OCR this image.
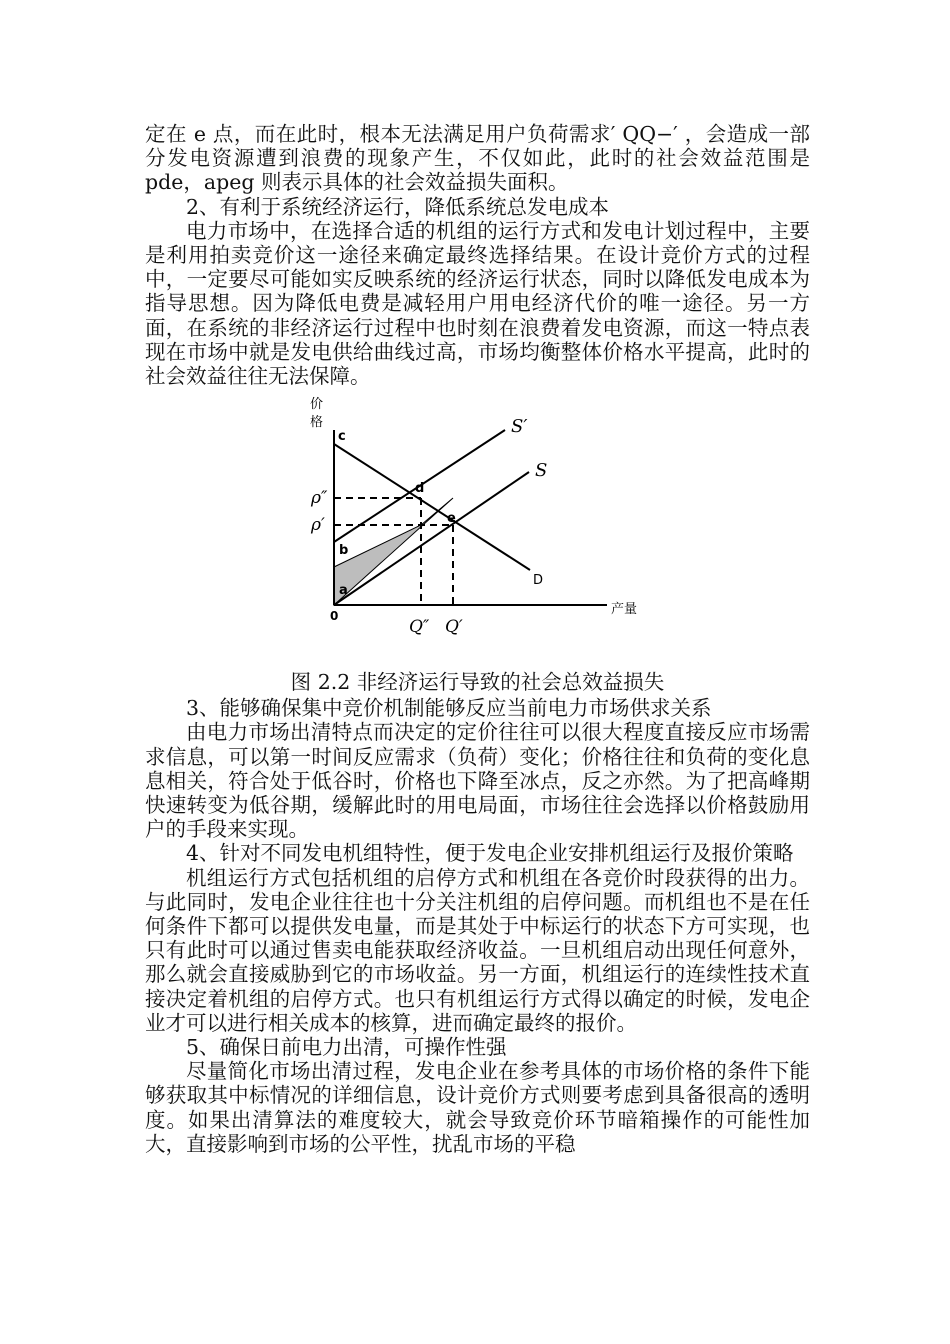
定在 e 点，而在此时，根本无法满足用户负荷需求′ QQ−′ ，会造成一部分发电资源遭到浪费的现象产生，不仅如此，此时的社会效益范围是 pde，apeg 则表示具体的社会效益损失面积。

2、有利于系统经济运行，降低系统总发电成本

电力市场中，在选择合适的机组的运行方式和发电计划过程中，主要是利用拍卖竞价这一途径来确定最终选择结果。在设计竞价方式的过程中，一定要尽可能如实反映系统的经济运行状态，同时以降低发电成本为指导思想。因为降低电费是减轻用户用电经济代价的唯一途径。另一方面，在系统的非经济运行过程中也时刻在浪费着发电资源，而这一特点表现在市场中就是发电供给曲线过高，市场均衡整体价格水平提高，此时的社会效益往往无法保障。

价
格
产量
0
c
d
e
b
a
D
S′
S
ρ″
ρ′
Q″ Q′

图 2.2 非经济运行导致的社会总效益损失

3、能够确保集中竞价机制能够反应当前电力市场供求关系

由电力市场出清特点而决定的定价往往可以很大程度直接反应市场需求信息，可以第一时间反应需求（负荷）变化；价格往往和负荷的变化息息相关，符合处于低谷时，价格也下降至冰点，反之亦然。为了把高峰期快速转变为低谷期，缓解此时的用电局面，市场往往会选择以价格鼓励用户的手段来实现。

4、针对不同发电机组特性，便于发电企业安排机组运行及报价策略

机组运行方式包括机组的启停方式和机组在各竞价时段获得的出力。与此同时，发电企业往往也十分关注机组的启停问题。而机组也不是在任何条件下都可以提供发电量，而是其处于中标运行的状态下方可实现，也只有此时可以通过售卖电能获取经济收益。一旦机组启动出现任何意外，那么就会直接威胁到它的市场收益。另一方面，机组运行的连续性技术直接决定着机组的启停方式。也只有机组运行方式得以确定的时候，发电企业才可以进行相关成本的核算，进而确定最终的报价。

5、确保日前电力出清，可操作性强

尽量简化市场出清过程，发电企业在参考具体的市场价格的条件下能够获取其中标情况的详细信息，设计竞价方式则要考虑到具备很高的透明度。如果出清算法的难度较大，就会导致竞价环节暗箱操作的可能性加大，直接影响到市场的公平性，扰乱市场的平稳
